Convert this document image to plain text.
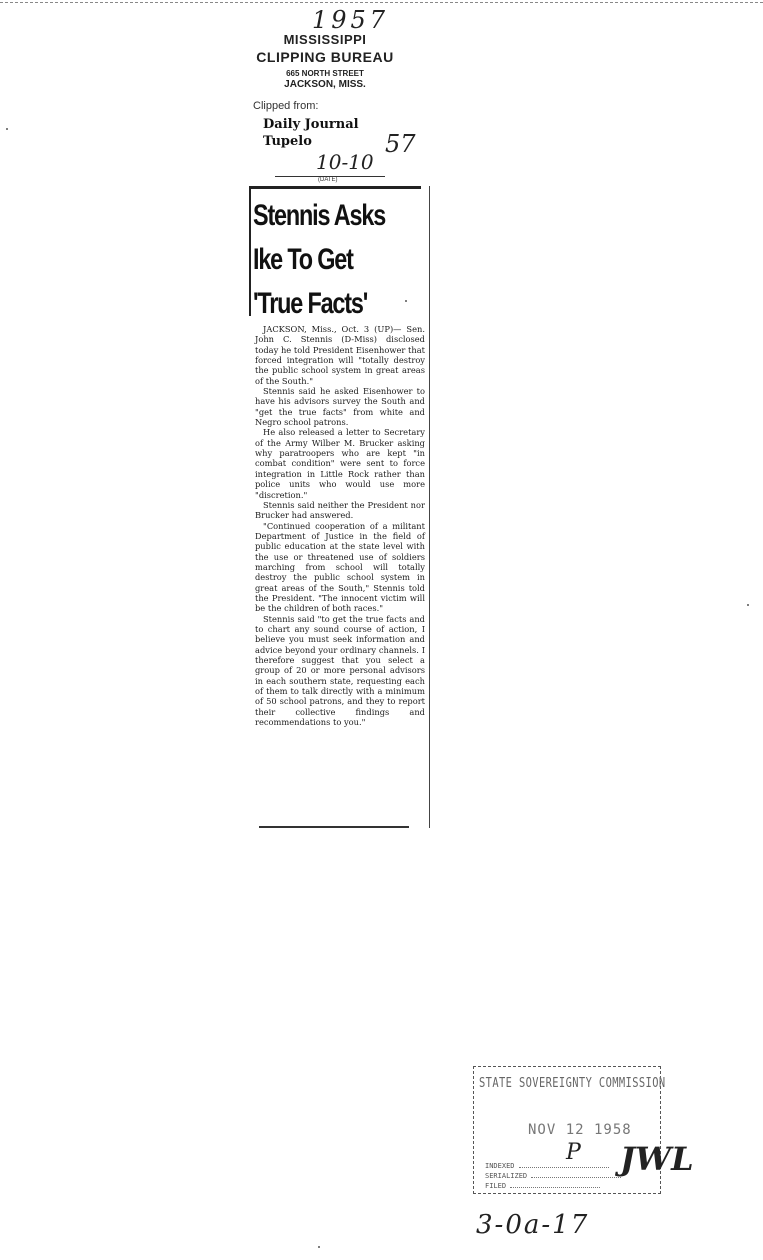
1957
MISSISSIPPI
CLIPPING BUREAU
665 NORTH STREET
JACKSON, MISS.
Clipped from:
Daily Journal
Tupelo
10-10
57
(DATE)
Stennis Asks
Ike To Get
'True Facts'

JACKSON, Miss., Oct. 3 (UP)— Sen. John C. Stennis (D-Miss) disclosed today he told President Eisenhower that forced integration will "totally destroy the public school system in great areas of the South."

Stennis said he asked Eisenhower to have his advisors survey the South and "get the true facts" from white and Negro school patrons.

He also released a letter to Secretary of the Army Wilber M. Brucker asking why paratroopers who are kept "in combat condition" were sent to force integration in Little Rock rather than police units who would use more "discretion."

Stennis said neither the President nor Brucker had answered.

"Continued cooperation of a militant Department of Justice in the field of public education at the state level with the use or threatened use of soldiers marching from school will totally destroy the public school system in great areas of the South," Stennis told the President. "The innocent victim will be the children of both races."

Stennis said "to get the true facts and to chart any sound course of action, I believe you must seek information and advice beyond your ordinary channels. I therefore suggest that you select a group of 20 or more personal advisors in each southern state, requesting each of them to talk directly with a minimum of 50 school patrons, and they to report their collective findings and recommendations to you."

STATE SOVEREIGNTY COMMISSION
NOV 12 1958
INDEXED
SERIALIZED
FILED
P JWL
3-0a-17
